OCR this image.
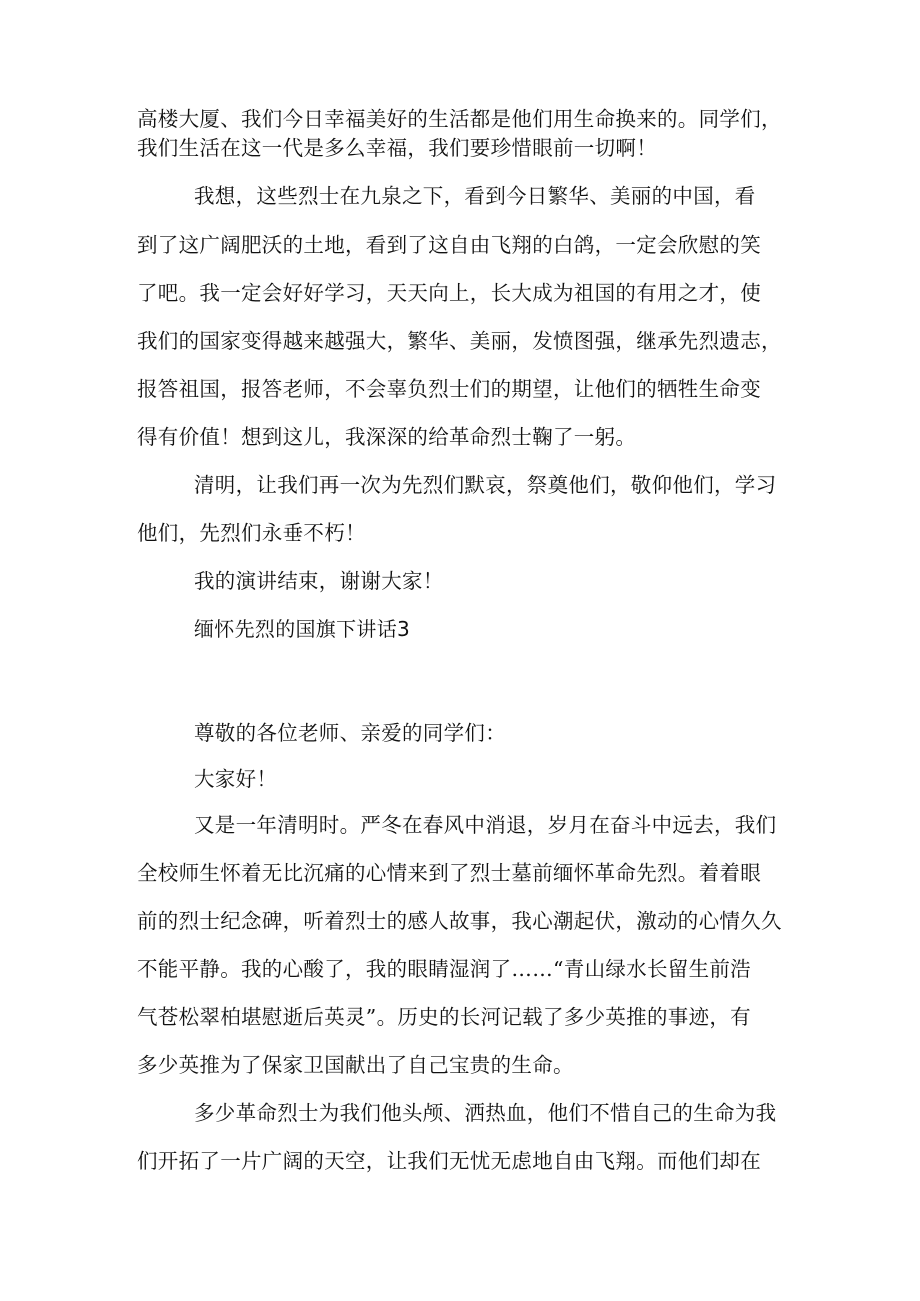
高楼大厦、我们今日幸福美好的生活都是他们用生命换来的。同学们，
我们生活在这一代是多么幸福，我们要珍惜眼前一切啊！
我想，这些烈士在九泉之下，看到今日繁华、美丽的中国，看
到了这广阔肥沃的土地，看到了这自由飞翔的白鸽，一定会欣慰的笑
了吧。我一定会好好学习，天天向上，长大成为祖国的有用之才，使
我们的国家变得越来越强大，繁华、美丽，发愤图强，继承先烈遗志，
报答祖国，报答老师，不会辜负烈士们的期望，让他们的牺牲生命变
得有价值！想到这儿，我深深的给革命烈士鞠了一躬。
清明，让我们再一次为先烈们默哀，祭奠他们，敬仰他们，学习
他们，先烈们永垂不朽！
我的演讲结束，谢谢大家！
缅怀先烈的国旗下讲话3
尊敬的各位老师、亲爱的同学们：
大家好！
又是一年清明时。严冬在春风中消退，岁月在奋斗中远去，我们
全校师生怀着无比沉痛的心情来到了烈士墓前缅怀革命先烈。着着眼
前的烈士纪念碑，听着烈士的感人故事，我心潮起伏，激动的心情久久
不能平静。我的心酸了，我的眼睛湿润了……“青山绿水长留生前浩
气苍松翠柏堪慰逝后英灵”。历史的长河记载了多少英推的事迹，有
多少英推为了保家卫国献出了自己宝贵的生命。
多少革命烈士为我们他头颅、洒热血，他们不惜自己的生命为我
们开拓了一片广阔的天空，让我们无忧无虑地自由飞翔。而他们却在
